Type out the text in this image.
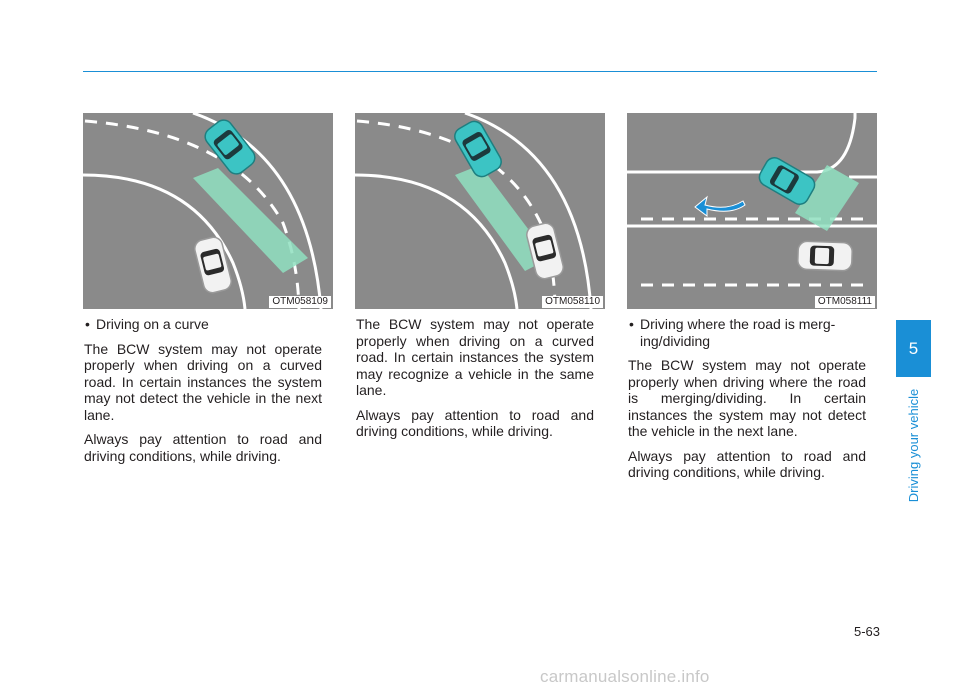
OTM058109	OTM058110	OTM058111

• Driving on a curve

The BCW system may not operate properly when driving on a curved road. In certain instances the system may not detect the vehicle in the next lane.

Always pay attention to road and driving conditions, while driving.

The BCW system may not operate properly when driving on a curved road. In certain instances the system may recognize a vehicle in the same lane.

Always pay attention to road and driving conditions, while driving.

• Driving where the road is merg-ing/dividing

The BCW system may not operate properly when driving where the road is merging/dividing. In certain instances the system may not detect the vehicle in the next lane.

Always pay attention to road and driving conditions, while driving.

5
Driving your vehicle
5-63
carmanualsonline.info
